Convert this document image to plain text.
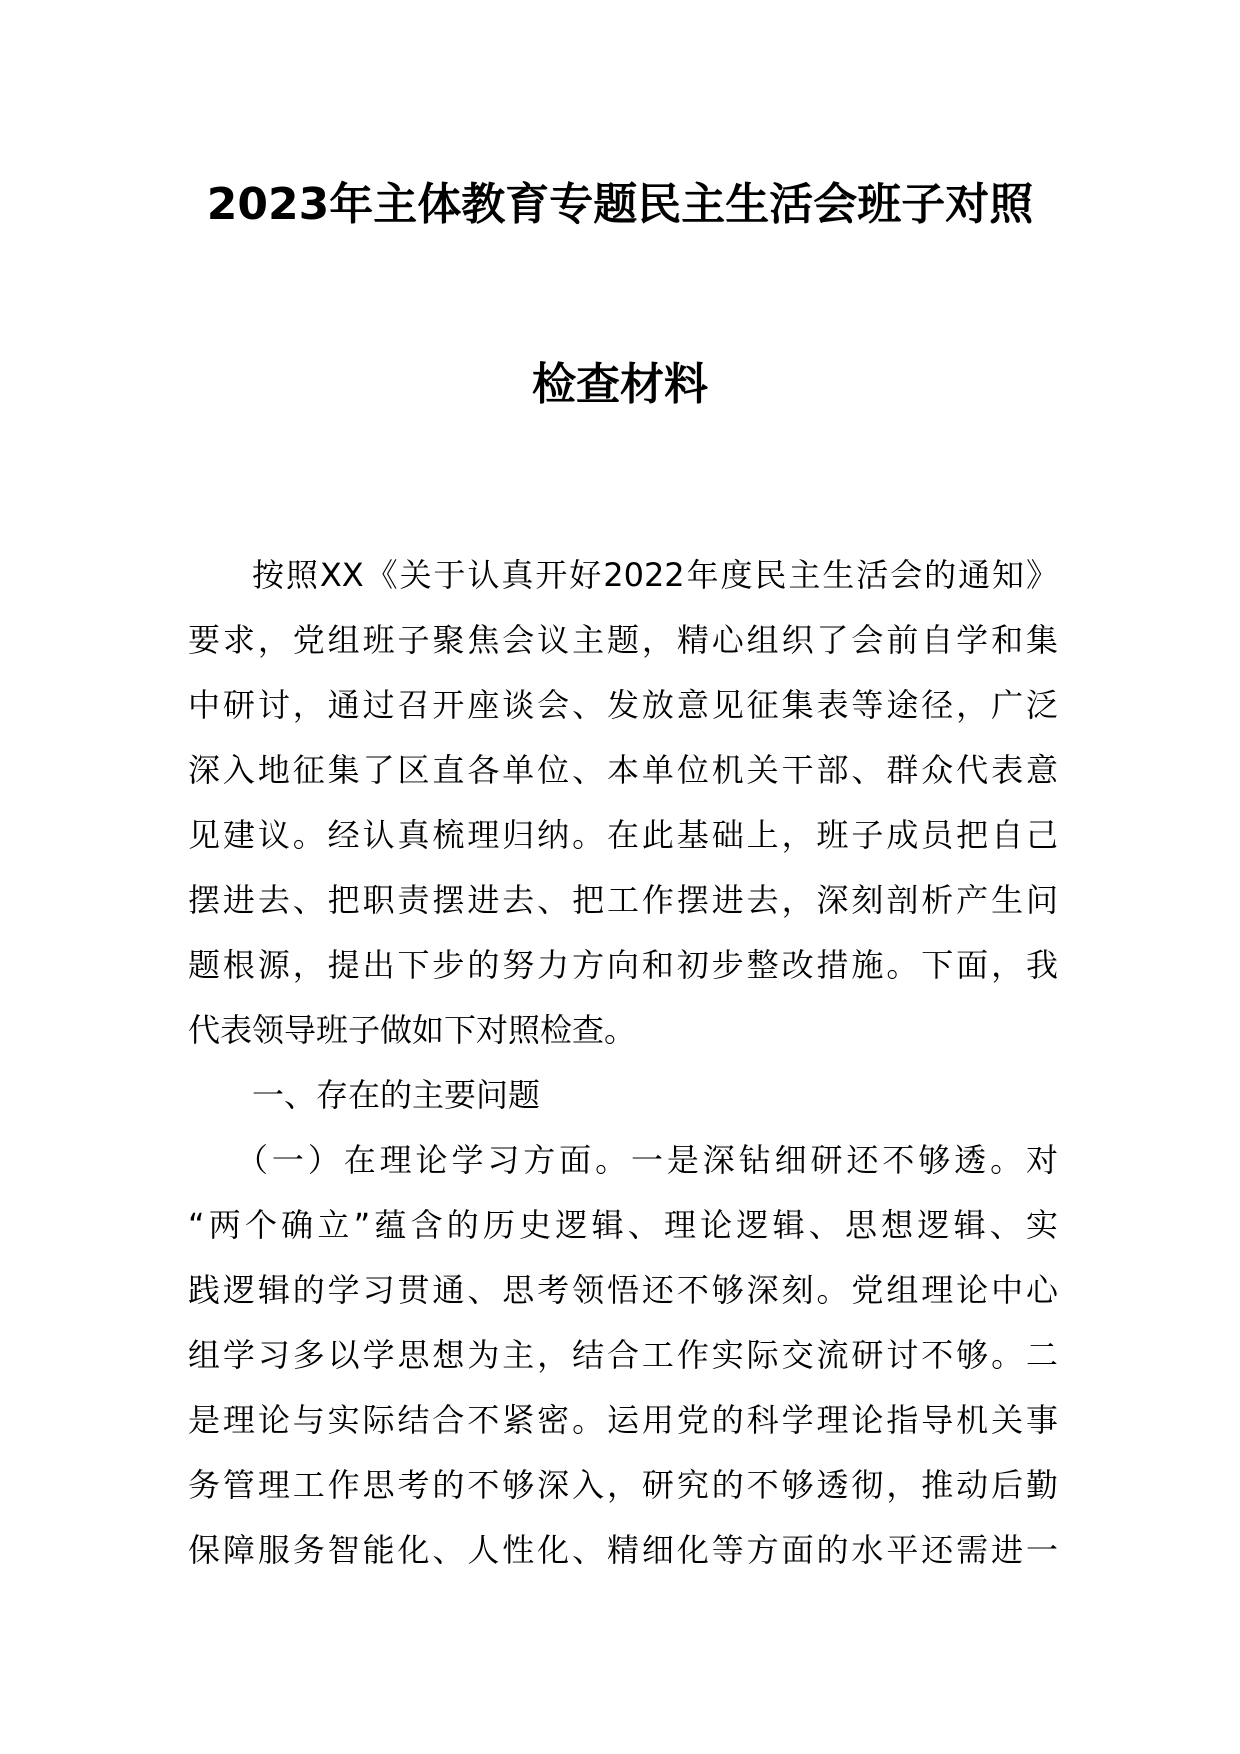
2023年主体教育专题民主生活会班子对照
检查材料
按照XX《关于认真开好2022年度民主生活会的通知》
要求，党组班子聚焦会议主题，精心组织了会前自学和集
中研讨，通过召开座谈会、发放意见征集表等途径，广泛
深入地征集了区直各单位、本单位机关干部、群众代表意
见建议。经认真梳理归纳。在此基础上，班子成员把自己
摆进去、把职责摆进去、把工作摆进去，深刻剖析产生问
题根源，提出下步的努力方向和初步整改措施。下面，我
代表领导班子做如下对照检查。
一、存在的主要问题
（一）在理论学习方面。一是深钻细研还不够透。对
“两个确立”蕴含的历史逻辑、理论逻辑、思想逻辑、实
践逻辑的学习贯通、思考领悟还不够深刻。党组理论中心
组学习多以学思想为主，结合工作实际交流研讨不够。二
是理论与实际结合不紧密。运用党的科学理论指导机关事
务管理工作思考的不够深入，研究的不够透彻，推动后勤
保障服务智能化、人性化、精细化等方面的水平还需进一
